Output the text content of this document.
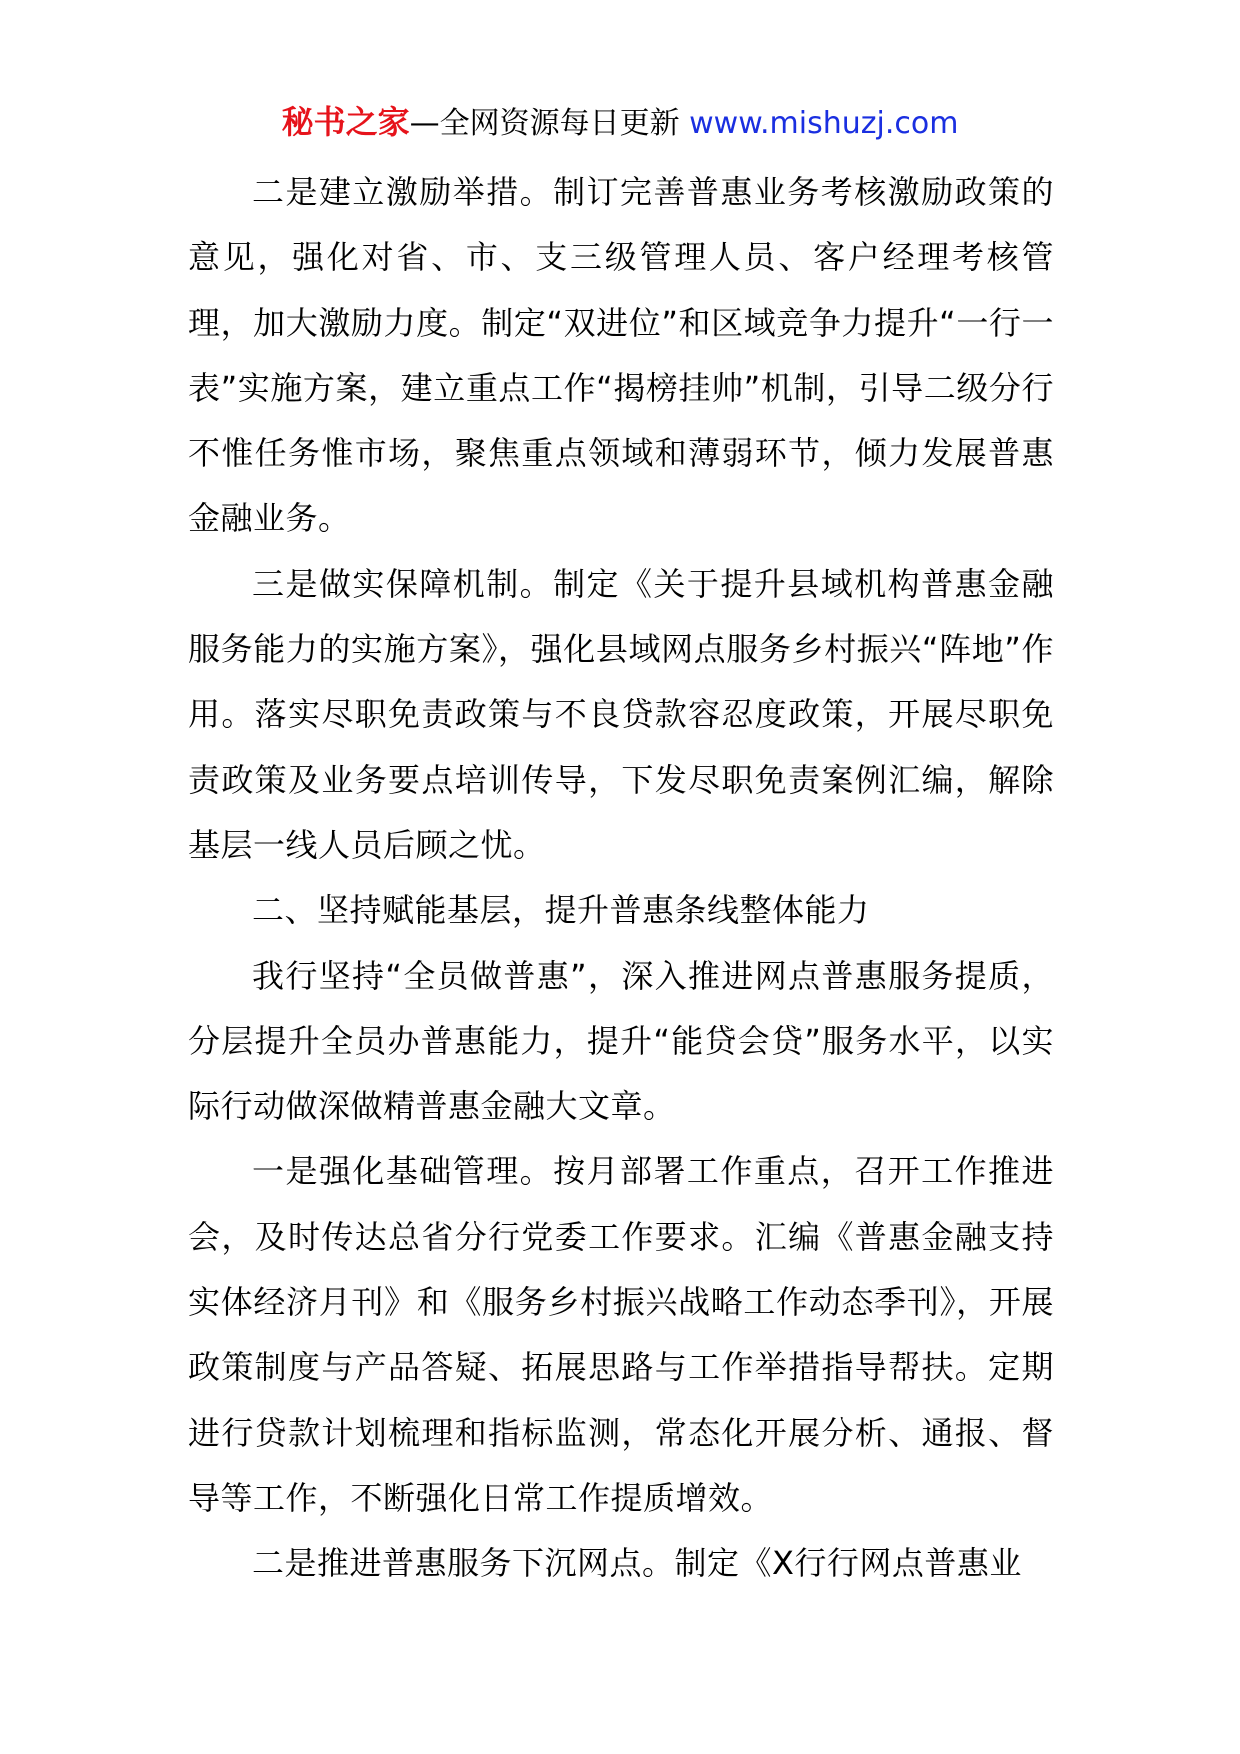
秘书之家—全网资源每日更新 www.mishuzj.com

二是建立激励举措。制订完善普惠业务考核激励政策的意见，强化对省、市、支三级管理人员、客户经理考核管理，加大激励力度。制定“双进位”和区域竞争力提升“一行一表”实施方案，建立重点工作“揭榜挂帅”机制，引导二级分行不惟任务惟市场，聚焦重点领域和薄弱环节，倾力发展普惠金融业务。

三是做实保障机制。制定《关于提升县域机构普惠金融服务能力的实施方案》，强化县域网点服务乡村振兴“阵地”作用。落实尽职免责政策与不良贷款容忍度政策，开展尽职免责政策及业务要点培训传导，下发尽职免责案例汇编，解除基层一线人员后顾之忧。

二、坚持赋能基层，提升普惠条线整体能力

我行坚持“全员做普惠”，深入推进网点普惠服务提质，分层提升全员办普惠能力，提升“能贷会贷”服务水平，以实际行动做深做精普惠金融大文章。

一是强化基础管理。按月部署工作重点，召开工作推进会，及时传达总省分行党委工作要求。汇编《普惠金融支持实体经济月刊》和《服务乡村振兴战略工作动态季刊》，开展政策制度与产品答疑、拓展思路与工作举措指导帮扶。定期进行贷款计划梳理和指标监测，常态化开展分析、通报、督导等工作，不断强化日常工作提质增效。

二是推进普惠服务下沉网点。制定《X行行网点普惠业
